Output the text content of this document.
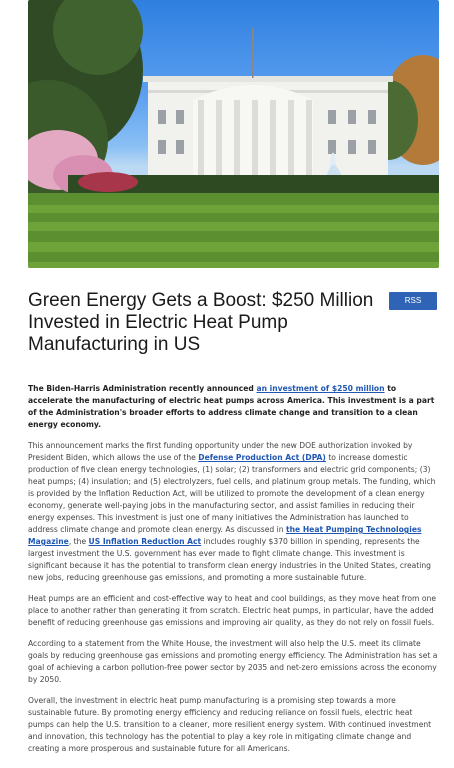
Green Energy Gets a Boost: $250 Million Invested in Electric Heat Pump Manufacturing in US
RSS

The Biden-Harris Administration recently announced an investment of $250 million to accelerate the manufacturing of electric heat pumps across America. This investment is a part of the Administration's broader efforts to address climate change and transition to a clean energy economy.

This announcement marks the first funding opportunity under the new DOE authorization invoked by President Biden, which allows the use of the Defense Production Act (DPA) to increase domestic production of five clean energy technologies, (1) solar; (2) transformers and electric grid components; (3) heat pumps; (4) insulation; and (5) electrolyzers, fuel cells, and platinum group metals. The funding, which is provided by the Inflation Reduction Act, will be utilized to promote the development of a clean energy economy, generate well-paying jobs in the manufacturing sector, and assist families in reducing their energy expenses. This investment is just one of many initiatives the Administration has launched to address climate change and promote clean energy. As discussed in the Heat Pumping Technologies Magazine, the US Inflation Reduction Act includes roughly $370 billion in spending, represents the largest investment the U.S. government has ever made to fight climate change. This investment is significant because it has the potential to transform clean energy industries in the United States, creating new jobs, reducing greenhouse gas emissions, and promoting a more sustainable future.

Heat pumps are an efficient and cost-effective way to heat and cool buildings, as they move heat from one place to another rather than generating it from scratch. Electric heat pumps, in particular, have the added benefit of reducing greenhouse gas emissions and improving air quality, as they do not rely on fossil fuels.

According to a statement from the White House, the investment will also help the U.S. meet its climate goals by reducing greenhouse gas emissions and promoting energy efficiency. The Administration has set a goal of achieving a carbon pollution-free power sector by 2035 and net-zero emissions across the economy by 2050.

Overall, the investment in electric heat pump manufacturing is a promising step towards a more sustainable future. By promoting energy efficiency and reducing reliance on fossil fuels, electric heat pumps can help the U.S. transition to a cleaner, more resilient energy system. With continued investment and innovation, this technology has the potential to play a key role in mitigating climate change and creating a more prosperous and sustainable future for all Americans.
